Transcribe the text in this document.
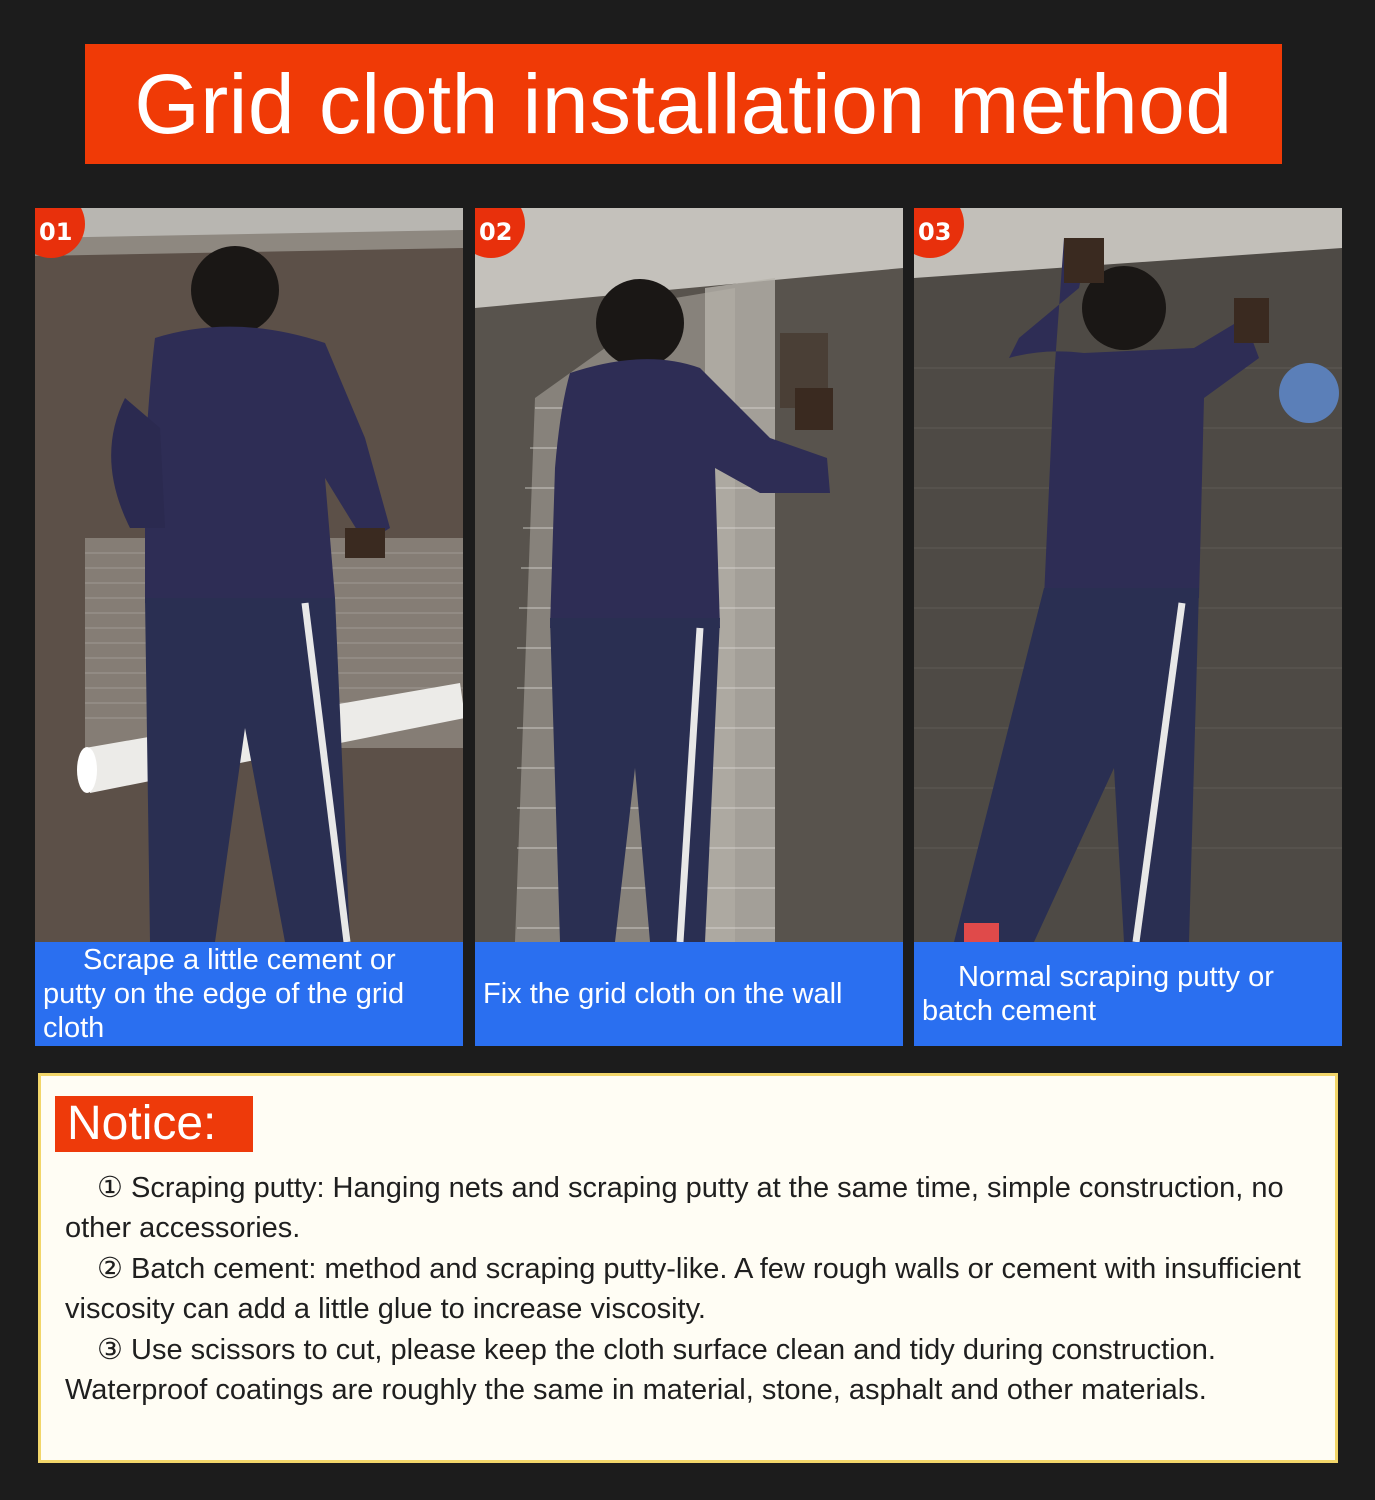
Grid cloth installation method
01
Scrape a little cement or putty on the edge of the grid cloth
02
Fix the grid cloth on the wall
03
Normal scraping putty or batch cement
Notice:

① Scraping putty: Hanging nets and scraping putty at the same time, simple construction, no other accessories.

② Batch cement: method and scraping putty-like. A few rough walls or cement with insufficient viscosity can add a little glue to increase viscosity.

③ Use scissors to cut, please keep the cloth surface clean and tidy during construction. Waterproof coatings are roughly the same in material, stone, asphalt and other materials.
